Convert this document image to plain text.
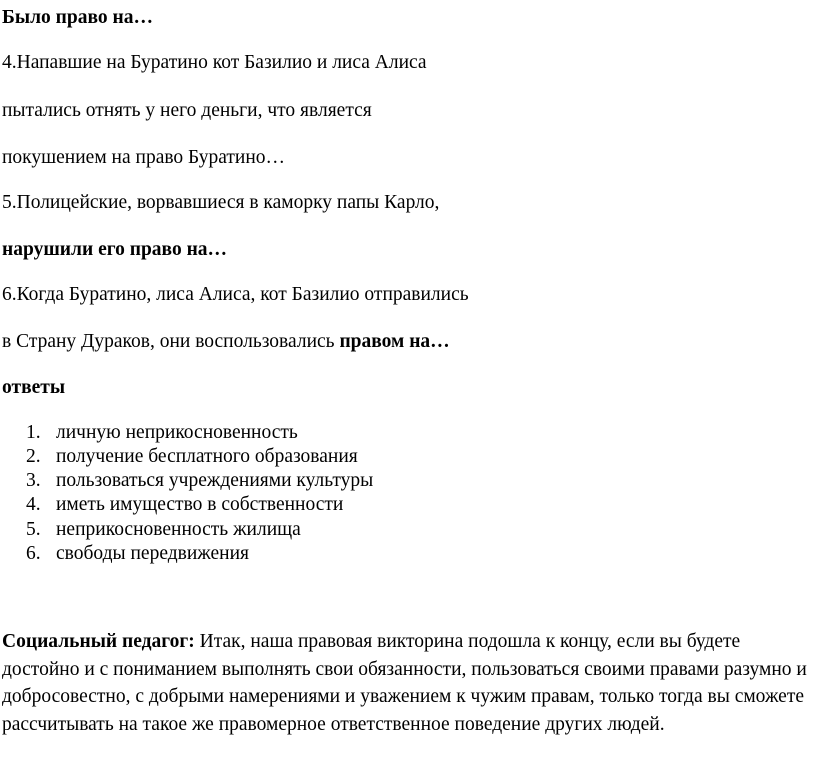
Было право на…
4.Напавшие на Буратино кот Базилио и лиса Алиса
пытались отнять у него деньги, что является
покушением на право Буратино…
5.Полицейские, ворвавшиеся в каморку папы Карло,
нарушили его право на…
6.Когда Буратино, лиса Алиса, кот Базилио отправились
в Страну Дураков, они воспользовались правом на…
ответы
1. личную неприкосновенность
2. получение бесплатного образования
3. пользоваться учреждениями культуры
4. иметь имущество в собственности
5. неприкосновенность жилища
6. свободы передвижения
Социальный педагог: Итак, наша правовая викторина подошла к концу, если вы будете достойно и с пониманием выполнять свои обязанности, пользоваться своими правами разумно и добросовестно, с добрыми намерениями и уважением к чужим правам, только тогда вы сможете рассчитывать на такое же правомерное ответственное поведение других людей.
